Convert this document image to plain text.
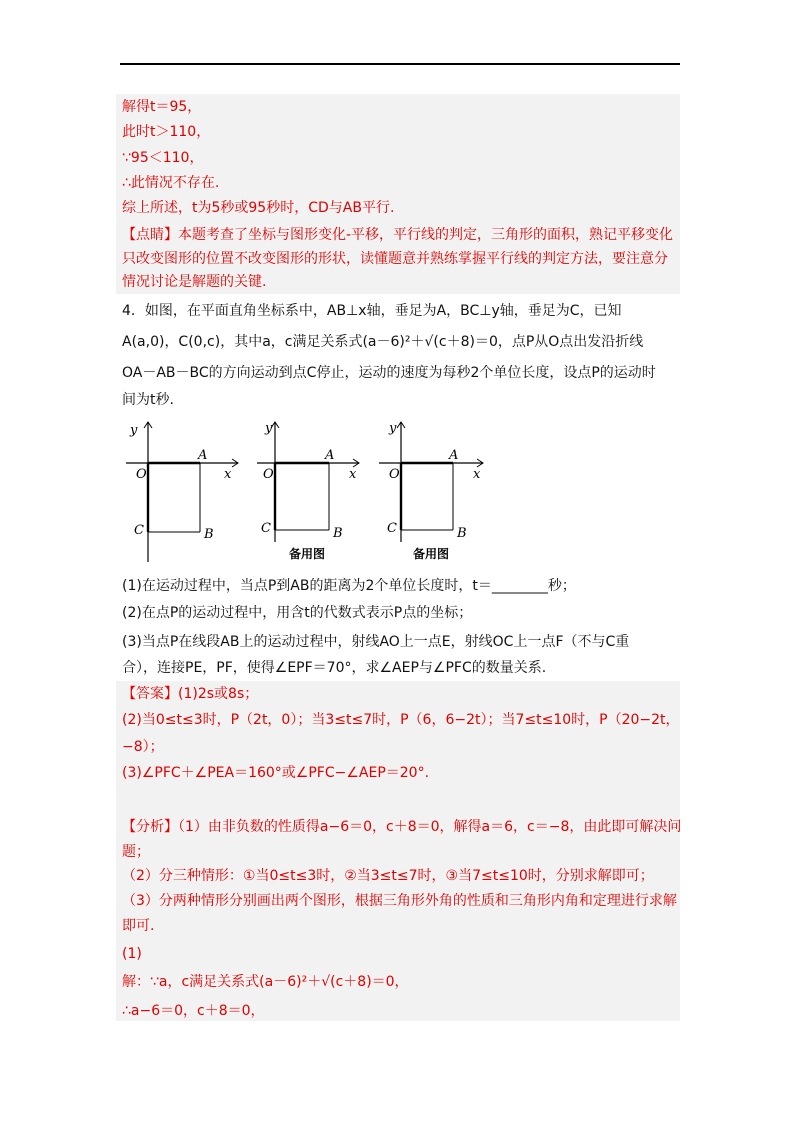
解得t＝95，
此时t＞110，
∵95＜110，
∴此情况不存在.
综上所述，t为5秒或95秒时，CD与AB平行.
【点睛】本题考查了坐标与图形变化-平移，平行线的判定，三角形的面积，熟记平移变化
只改变图形的位置不改变图形的形状，读懂题意并熟练掌握平行线的判定方法，要注意分
情况讨论是解题的关键.
4．如图，在平面直角坐标系中，AB⊥x轴，垂足为A，BC⊥y轴，垂足为C，已知
A(a,0)，C(0,c)，其中a，c满足关系式(a－6)²＋√(c＋8)＝0，点P从O点出发沿折线
OA－AB－BC的方向运动到点C停止，运动的速度为每秒2个单位长度，设点P的运动时
间为t秒.
y
x
O
A
B
C
y
x
O
A
B
C
备用图
y
x
O
A
B
C
备用图
(1)在运动过程中，当点P到AB的距离为2个单位长度时，t＝________秒；
(2)在点P的运动过程中，用含t的代数式表示P点的坐标；
(3)当点P在线段AB上的运动过程中，射线AO上一点E，射线OC上一点F（不与C重
合），连接PE，PF，使得∠EPF＝70°，求∠AEP与∠PFC的数量关系.
【答案】(1)2s或8s；
(2)当0≤t≤3时，P（2t，0）；当3≤t≤7时，P（6，6−2t）；当7≤t≤10时，P（20−2t，
−8）；
(3)∠PFC＋∠PEA＝160°或∠PFC−∠AEP＝20°.
【分析】（1）由非负数的性质得a−6＝0，c＋8＝0，解得a＝6，c＝−8，由此即可解决问
题；
（2）分三种情形：①当0≤t≤3时，②当3≤t≤7时，③当7≤t≤10时，分别求解即可；
（3）分两种情形分别画出两个图形，根据三角形外角的性质和三角形内角和定理进行求解
即可.
(1)
解：∵a，c满足关系式(a－6)²＋√(c＋8)＝0，
∴a−6＝0，c＋8＝0，
